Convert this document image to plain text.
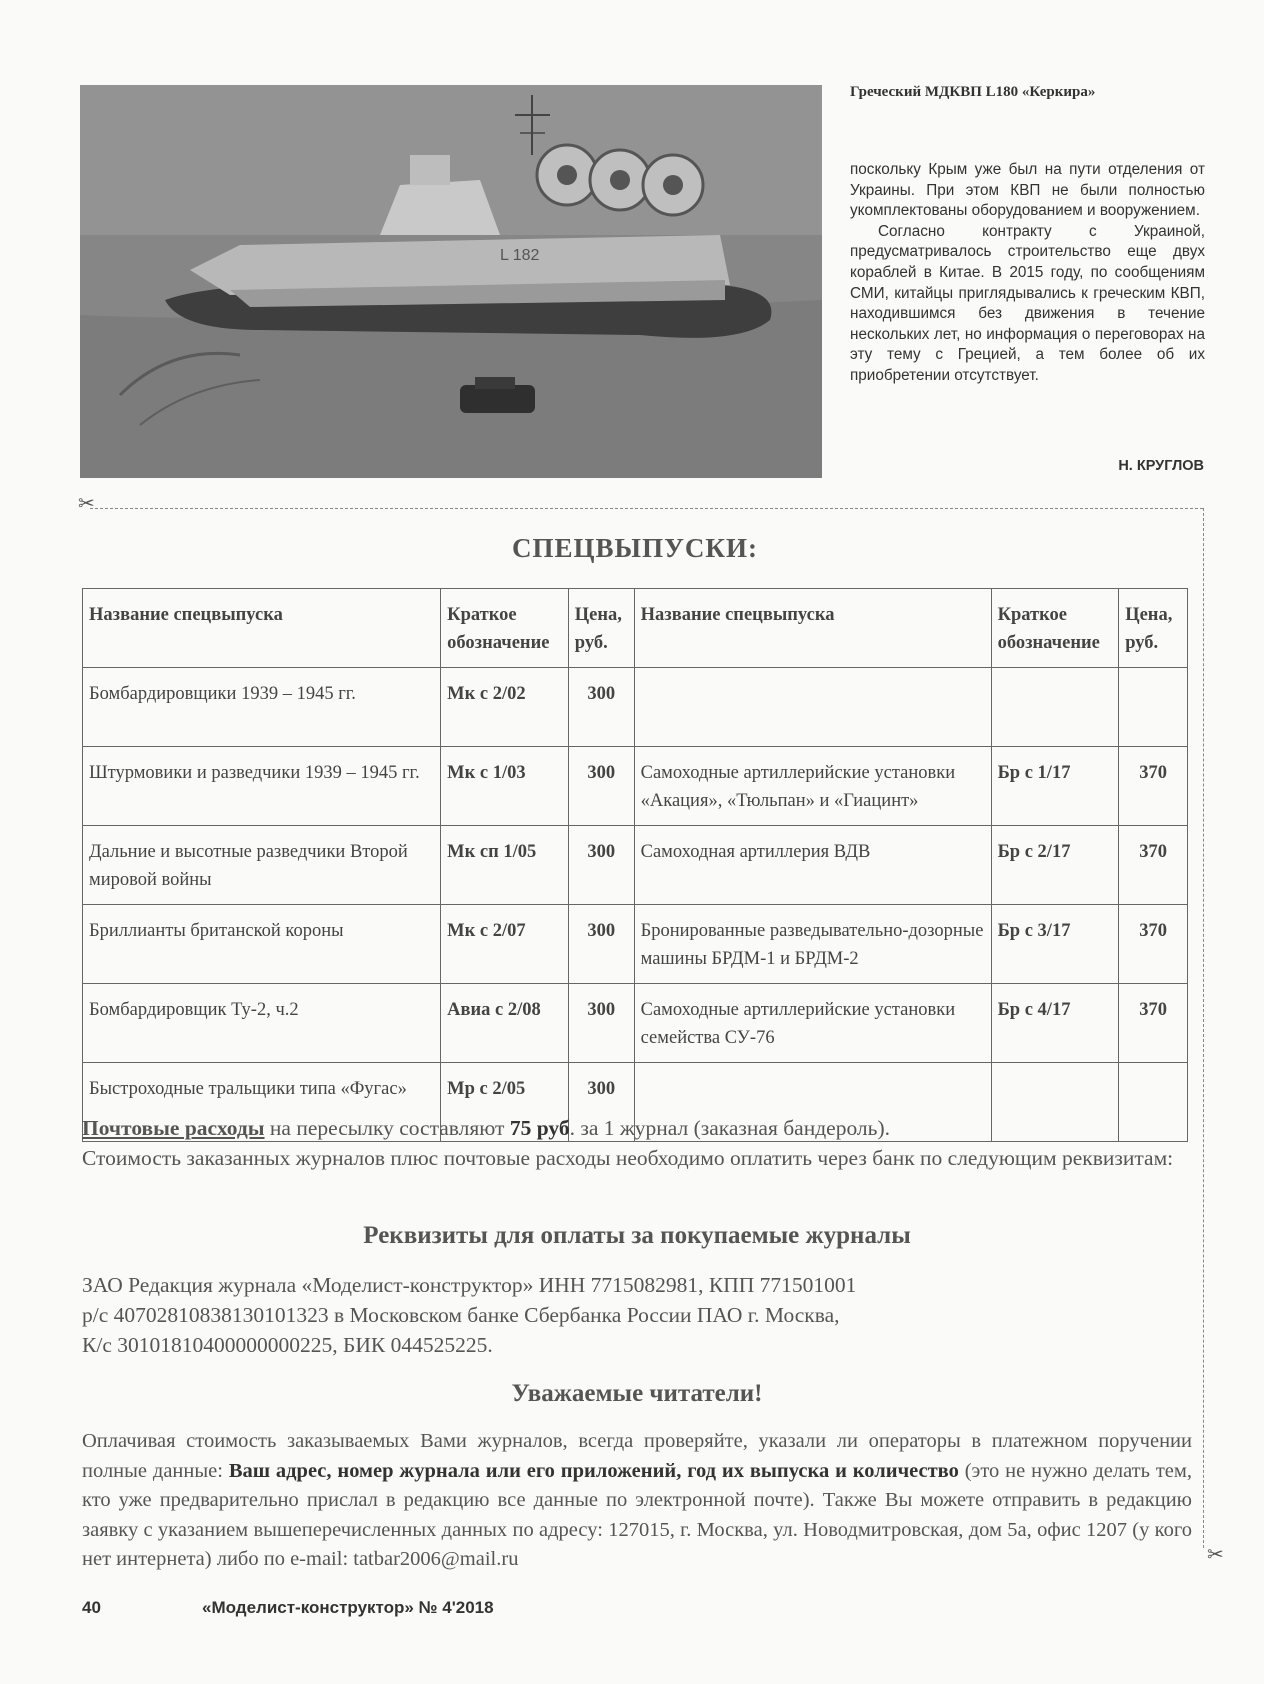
L 182
Греческий МДКВП L180 «Керкира»

поскольку Крым уже был на пути отделения от Украины. При этом КВП не были полностью укомплектованы оборудованием и вооружением.

Согласно контракту с Украиной, предусматривалось строительство еще двух кораблей в Китае. В 2015 году, по сообщениям СМИ, китайцы приглядывались к греческим КВП, находившимся без движения в течение нескольких лет, но информация о переговорах на эту тему с Грецией, а тем более об их приобретении отсутствует.

Н. КРУГЛОВ
✂
✂
СПЕЦВЫПУСКИ:
Название спецвыпуска	Краткое обозначение	Цена, руб.	Название спецвыпуска	Краткое обозначение	Цена, руб.
Бомбардировщики 1939 – 1945 гг.	Мк с 2/02	300			
Штурмовики и разведчики 1939 – 1945 гг.	Мк с 1/03	300	Самоходные артиллерийские установки «Акация», «Тюльпан» и «Гиацинт»	Бр с 1/17	370
Дальние и высотные разведчики Второй мировой войны	Мк сп 1/05	300	Самоходная артиллерия ВДВ	Бр с 2/17	370
Бриллианты британской короны	Мк с 2/07	300	Бронированные разведывательно-дозорные машины БРДМ-1 и БРДМ-2	Бр с 3/17	370
Бомбардировщик Ту-2, ч.2	Авиа с 2/08	300	Самоходные артиллерийские установки семейства СУ-76	Бр с 4/17	370
Быстроходные тральщики типа «Фугас»	Мр с 2/05	300			
Почтовые расходы на пересылку составляют 75 руб. за 1 журнал (заказная бандероль).
Стоимость заказанных журналов плюс почтовые расходы необходимо оплатить через банк по следующим реквизитам:
Реквизиты для оплаты за покупаемые журналы
ЗАО Редакция журнала «Моделист-конструктор» ИНН 7715082981, КПП 771501001
р/с 40702810838130101323 в Московском банке Сбербанка России ПАО г. Москва,
К/с 30101810400000000225, БИК 044525225.
Уважаемые читатели!
Оплачивая стоимость заказываемых Вами журналов, всегда проверяйте, указали ли операторы в платежном поручении полные данные: Ваш адрес, номер журнала или его приложений, год их выпуска и количество (это не нужно делать тем, кто уже предварительно прислал в редакцию все данные по электронной почте). Также Вы можете отправить в редакцию заявку с указанием вышеперечисленных данных по адресу: 127015, г. Москва, ул. Новодмитровская, дом 5а, офис 1207 (у кого нет интернета) либо по e-mail: tatbar2006@mail.ru
40	«Моделист-конструктор» № 4'2018
